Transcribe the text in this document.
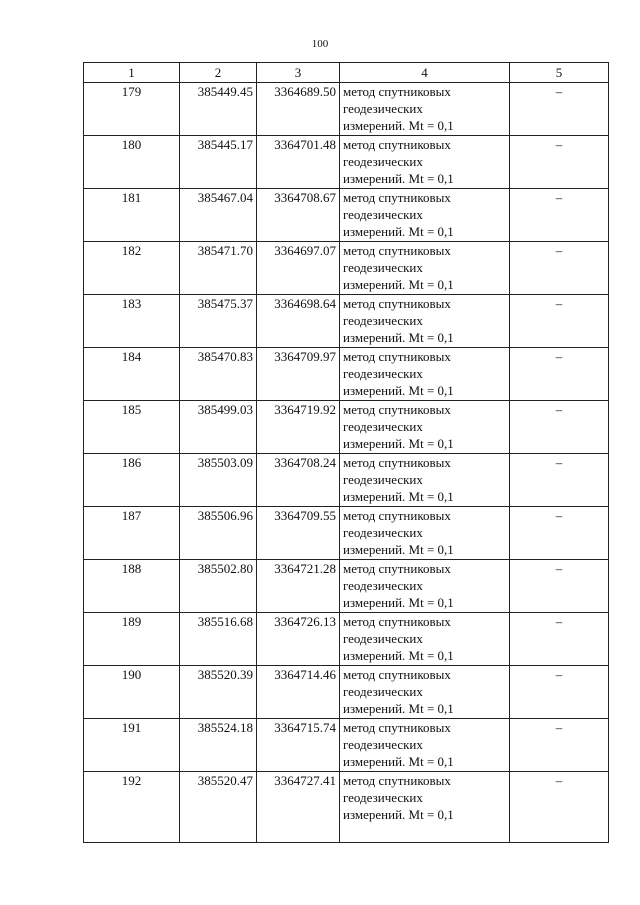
100
1	2	3	4	5
179	385449.45	3364689.50	метод спутниковых
геодезических
измерений. Mt = 0,1	–
180	385445.17	3364701.48	метод спутниковых
геодезических
измерений. Mt = 0,1	–
181	385467.04	3364708.67	метод спутниковых
геодезических
измерений. Mt = 0,1	–
182	385471.70	3364697.07	метод спутниковых
геодезических
измерений. Mt = 0,1	–
183	385475.37	3364698.64	метод спутниковых
геодезических
измерений. Mt = 0,1	–
184	385470.83	3364709.97	метод спутниковых
геодезических
измерений. Mt = 0,1	–
185	385499.03	3364719.92	метод спутниковых
геодезических
измерений. Mt = 0,1	–
186	385503.09	3364708.24	метод спутниковых
геодезических
измерений. Mt = 0,1	–
187	385506.96	3364709.55	метод спутниковых
геодезических
измерений. Mt = 0,1	–
188	385502.80	3364721.28	метод спутниковых
геодезических
измерений. Mt = 0,1	–
189	385516.68	3364726.13	метод спутниковых
геодезических
измерений. Mt = 0,1	–
190	385520.39	3364714.46	метод спутниковых
геодезических
измерений. Mt = 0,1	–
191	385524.18	3364715.74	метод спутниковых
геодезических
измерений. Mt = 0,1	–
192	385520.47	3364727.41	метод спутниковых
геодезических
измерений. Mt = 0,1	–
